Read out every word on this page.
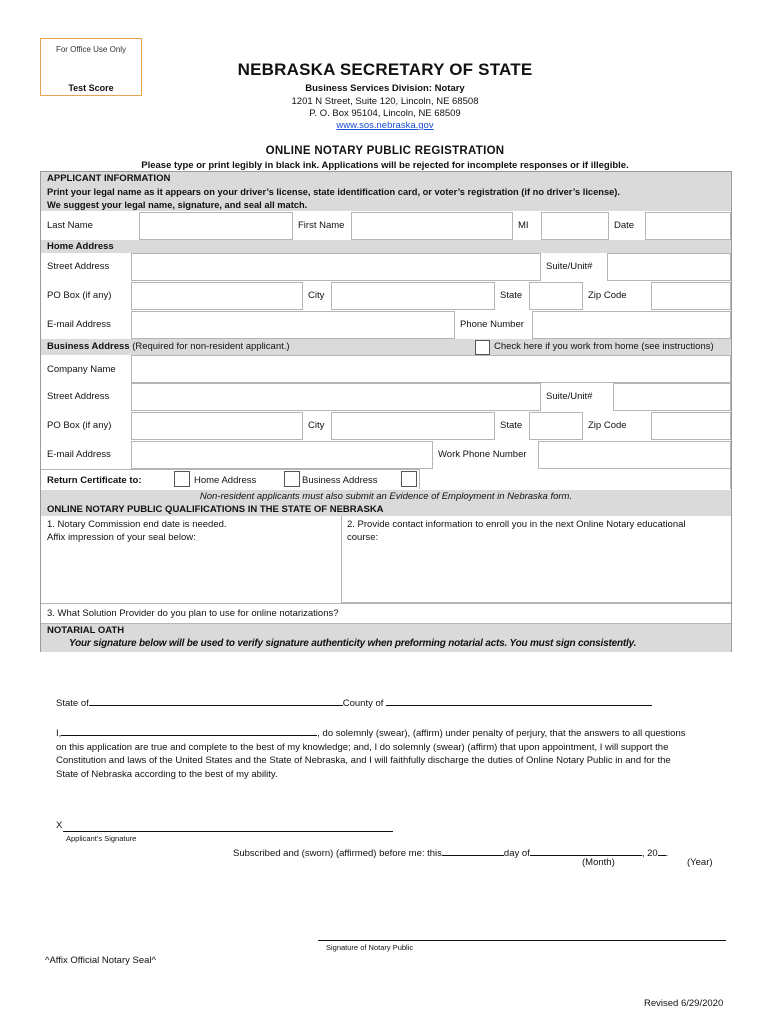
For Office Use Only
Test Score
NEBRASKA SECRETARY OF STATE
Business Services Division: Notary
1201 N Street, Suite 120, Lincoln, NE 68508
P. O. Box 95104, Lincoln, NE 68509
www.sos.nebraska.gov
ONLINE NOTARY PUBLIC REGISTRATION
Please type or print legibly in black ink. Applications will be rejected for incomplete responses or if illegible.
APPLICANT INFORMATION
Print your legal name as it appears on your driver’s license, state identification card, or voter’s registration (if no driver’s license).
We suggest your legal name, signature, and seal all match.
Last Name	First Name	MI	Date
Home Address
Street Address	Suite/Unit#
PO Box (if any)	City	State	Zip Code
E-mail Address	Phone Number
Business Address (Required for non-resident applicant.)	Check here if you work from home (see instructions)
Company Name
Street Address	Suite/Unit#
PO Box (if any)	City	State	Zip Code
E-mail Address	Work Phone Number
Return Certificate to:	Home Address	Business Address
Non-resident applicants must also submit an Evidence of Employment in Nebraska form.
ONLINE NOTARY PUBLIC QUALIFICATIONS IN THE STATE OF NEBRASKA
1. Notary Commission end date is needed.
Affix impression of your seal below:
2. Provide contact information to enroll you in the next Online Notary educational
course:
3. What Solution Provider do you plan to use for online notarizations?
NOTARIAL OATH
Your signature below will be used to verify signature authenticity when preforming notarial acts. You must sign consistently.
State of	County of
I,	, do solemnly (swear), (affirm) under penalty of perjury, that the answers to all questions
on this application are true and complete to the best of my knowledge; and, I do solemnly (swear) (affirm) that upon appointment, I will support the
Constitution and laws of the United States and the State of Nebraska, and I will faithfully discharge the duties of Online Notary Public in and for the
State of Nebraska according to the best of my ability.
X
Applicant’s Signature
Subscribed and (sworn) (affirmed) before me: this	day of	, 20 .
(Month)	(Year)
Signature of Notary Public
^Affix Official Notary Seal^
Revised 6/29/2020
